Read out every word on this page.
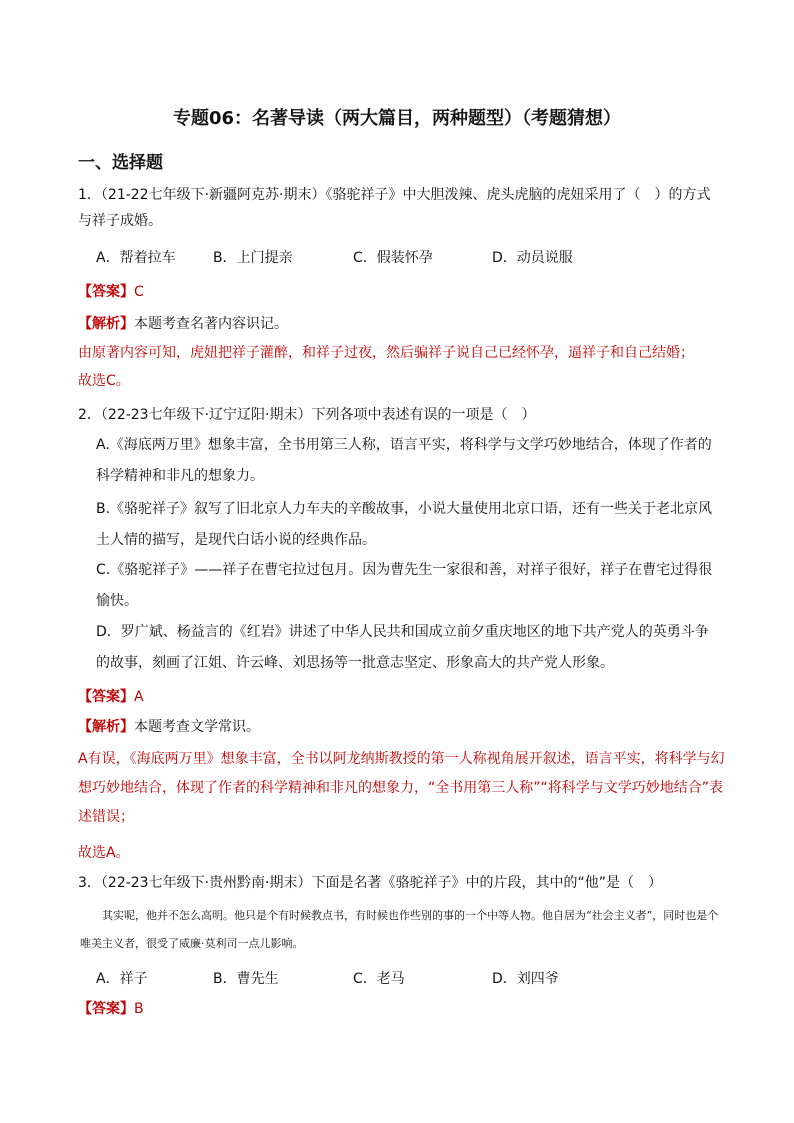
专题06：名著导读（两大篇目，两种题型）（考题猜想）
一、选择题
1．（21-22七年级下·新疆阿克苏·期末）《骆驼祥子》中大胆泼辣、虎头虎脑的虎妞采用了（　）的方式与祥子成婚。
A．帮着拉车	B．上门提亲	C．假装怀孕	D．动员说服
【答案】C
【解析】本题考查名著内容识记。
由原著内容可知，虎妞把祥子灌醉，和祥子过夜，然后骗祥子说自己已经怀孕，逼祥子和自己结婚；
故选C。
2．（22-23七年级下·辽宁辽阳·期末）下列各项中表述有误的一项是（　）
A.《海底两万里》想象丰富，全书用第三人称，语言平实，将科学与文学巧妙地结合，体现了作者的科学精神和非凡的想象力。
B.《骆驼祥子》叙写了旧北京人力车夫的辛酸故事，小说大量使用北京口语，还有一些关于老北京风土人情的描写，是现代白话小说的经典作品。
C.《骆驼祥子》——祥子在曹宅拉过包月。因为曹先生一家很和善，对祥子很好，祥子在曹宅过得很愉快。
D．罗广斌、杨益言的《红岩》讲述了中华人民共和国成立前夕重庆地区的地下共产党人的英勇斗争的故事，刻画了江姐、许云峰、刘思扬等一批意志坚定、形象高大的共产党人形象。
【答案】A
【解析】本题考查文学常识。
A有误，《海底两万里》想象丰富，全书以阿龙纳斯教授的第一人称视角展开叙述，语言平实，将科学与幻想巧妙地结合，体现了作者的科学精神和非凡的想象力，“全书用第三人称”“将科学与文学巧妙地结合”表述错误；
故选A。
3．（22-23七年级下·贵州黔南·期末）下面是名著《骆驼祥子》中的片段，其中的“他”是（　）
其实呢，他并不怎么高明。他只是个有时候教点书，有时候也作些别的事的一个中等人物。他自居为“社会主义者”，同时也是个唯美主义者，很受了威廉·莫利司一点儿影响。
A．祥子	B．曹先生	C．老马	D．刘四爷
【答案】B
